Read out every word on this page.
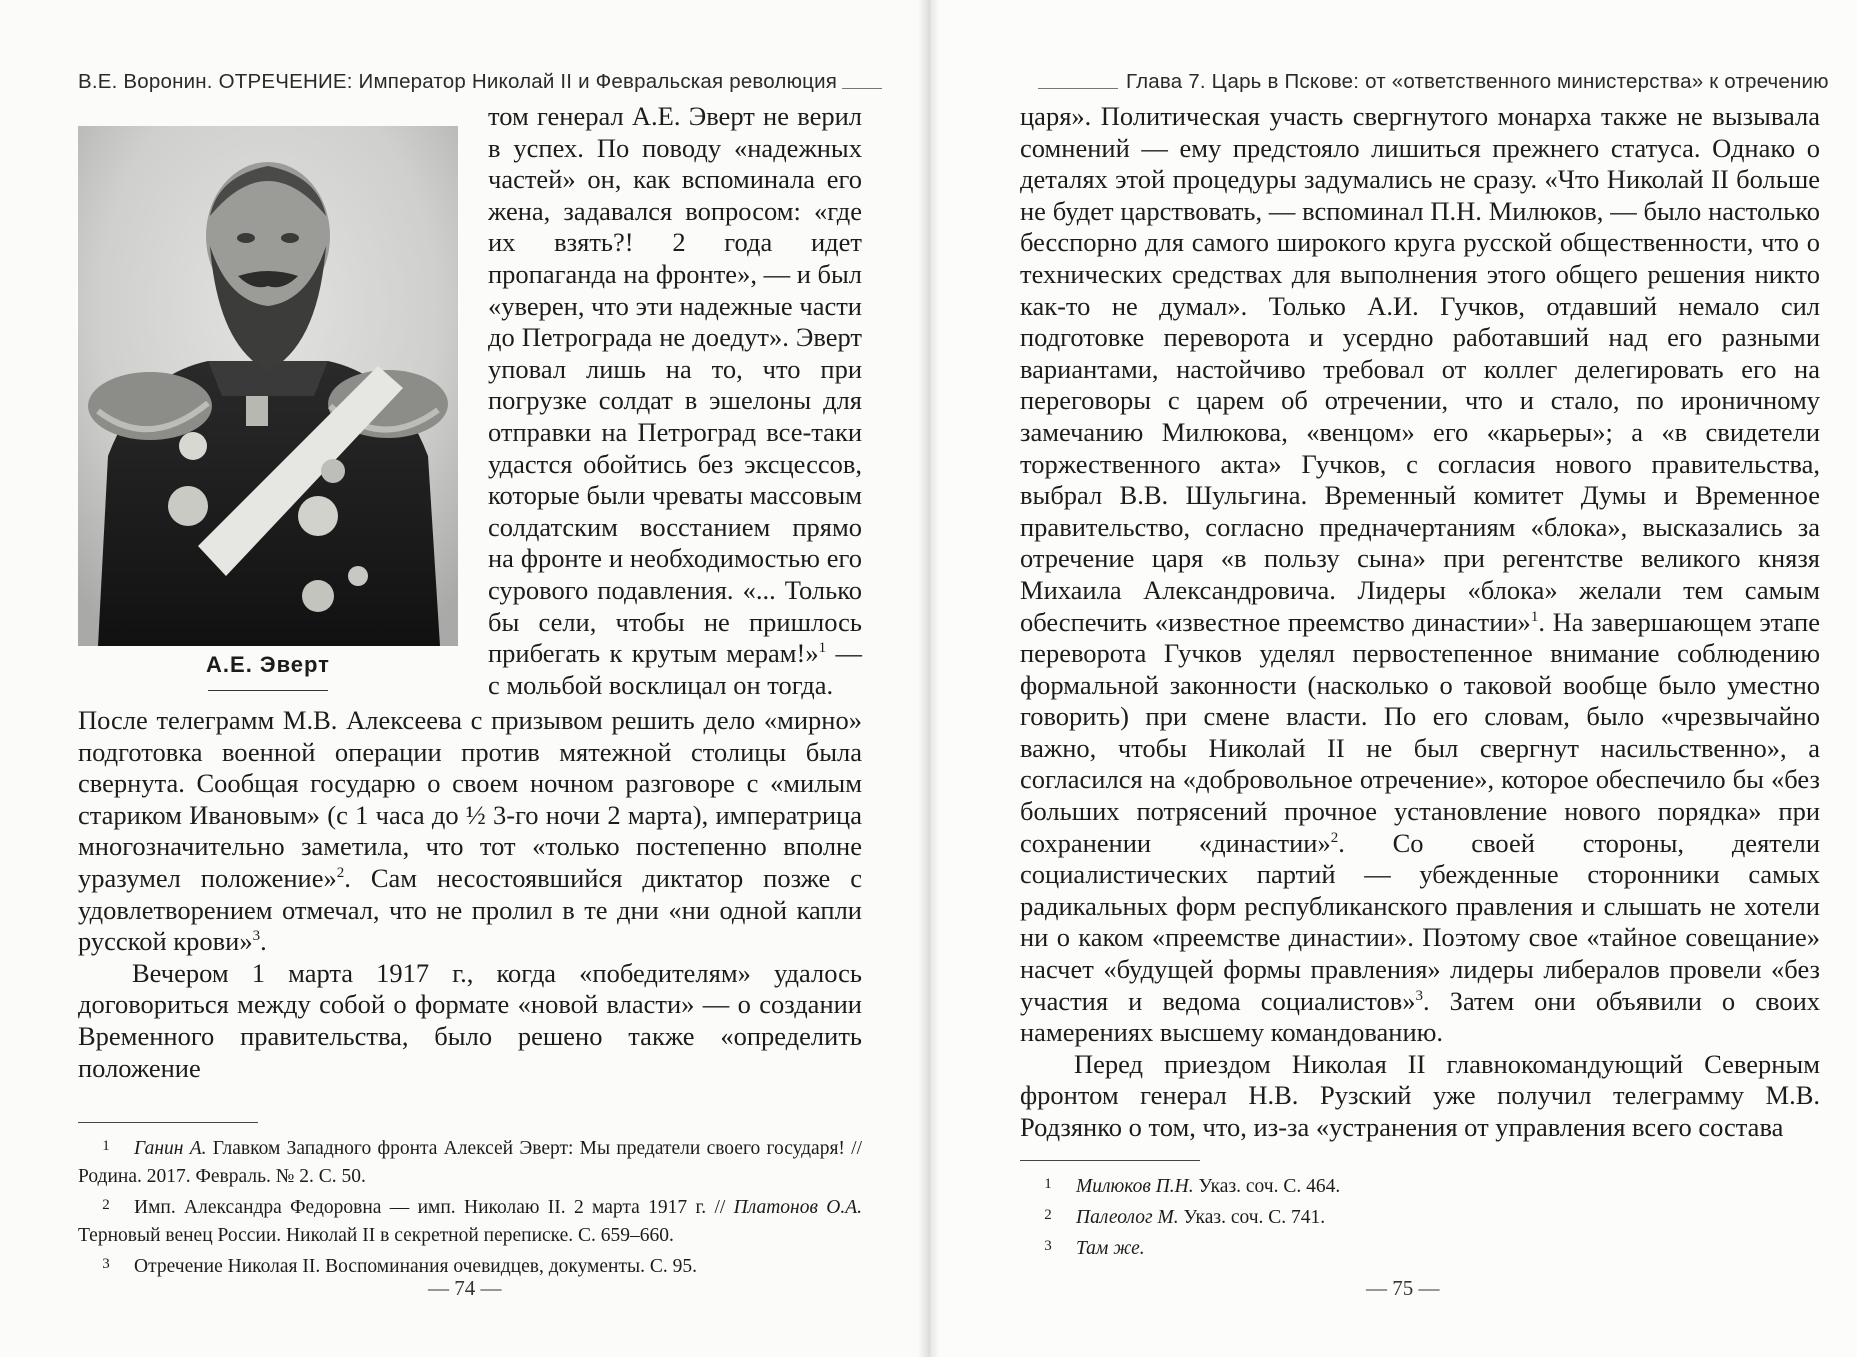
В.Е. Воронин. ОТРЕЧЕНИЕ: Император Николай II и Февральская революция
А.Е. Эверт

том генерал А.Е. Эверт не верил в успех. По поводу «надежных частей» он, как вспоминала его жена, задавался вопросом: «где их взять?! 2 года идет пропаганда на фронте», — и был «уверен, что эти надежные части до Петрограда не доедут». Эверт уповал лишь на то, что при погрузке солдат в эшелоны для отправки на Петроград все-таки удастся обойтись без эксцессов, которые были чреваты массовым солдатским восстанием прямо на фронте и необходимостью его сурового подавления. «... Только бы сели, чтобы не пришлось прибегать к крутым мерам!»$^1$ — с мольбой восклицал он тогда.

После телеграмм М.В. Алексеева с призывом решить дело «мирно» подготовка военной операции против мятежной столицы была свернута. Сообщая государю о своем ночном разговоре с «милым стариком Ивановым» (с 1 часа до ½ 3-го ночи 2 марта), императрица многозначительно заметила, что тот «только постепенно вполне уразумел положение»$^2$. Сам несостоявшийся диктатор позже с удовлетворением отмечал, что не пролил в те дни «ни одной капли русской крови»$^3$.

Вечером 1 марта 1917 г., когда «победителям» удалось договориться между собой о формате «новой власти» — о создании Временного правительства, было решено также «определить положение

1 Ганин А. Главком Западного фронта Алексей Эверт: Мы предатели своего государя! // Родина. 2017. Февраль. № 2. С. 50.

2 Имп. Александра Федоровна — имп. Николаю II. 2 марта 1917 г. // Платонов О.А. Терновый венец России. Николай II в секретной переписке. С. 659–660.

3 Отречение Николая II. Воспоминания очевидцев, документы. С. 95.

— 74 —
Глава 7. Царь в Пскове: от «ответственного министерства» к отречению

царя». Политическая участь свергнутого монарха также не вызывала сомнений — ему предстояло лишиться прежнего статуса. Однако о деталях этой процедуры задумались не сразу. «Что Николай II больше не будет царствовать, — вспоминал П.Н. Милюков, — было настолько бесспорно для самого широкого круга русской общественности, что о технических средствах для выполнения этого общего решения никто как-то не думал». Только А.И. Гучков, отдавший немало сил подготовке переворота и усердно работавший над его разными вариантами, настойчиво требовал от коллег делегировать его на переговоры с царем об отречении, что и стало, по ироничному замечанию Милюкова, «венцом» его «карьеры»; а «в свидетели торжественного акта» Гучков, с согласия нового правительства, выбрал В.В. Шульгина. Временный комитет Думы и Временное правительство, согласно предначертаниям «блока», высказались за отречение царя «в пользу сына» при регентстве великого князя Михаила Александровича. Лидеры «блока» желали тем самым обеспечить «известное преемство династии»$^1$. На завершающем этапе переворота Гучков уделял первостепенное внимание соблюдению формальной законности (насколько о таковой вообще было уместно говорить) при смене власти. По его словам, было «чрезвычайно важно, чтобы Николай II не был свергнут насильственно», а согласился на «добровольное отречение», которое обеспечило бы «без больших потрясений прочное установление нового порядка» при сохранении «династии»$^2$. Со своей стороны, деятели социалистических партий — убежденные сторонники самых радикальных форм республиканского правления и слышать не хотели ни о каком «преемстве династии». Поэтому свое «тайное совещание» насчет «будущей формы правления» лидеры либералов провели «без участия и ведома социалистов»$^3$. Затем они объявили о своих намерениях высшему командованию.

Перед приездом Николая II главнокомандующий Северным фронтом генерал Н.В. Рузский уже получил телеграмму М.В. Родзянко о том, что, из-за «устранения от управления всего состава

1 Милюков П.Н. Указ. соч. С. 464.

2 Палеолог М. Указ. соч. С. 741.

3 Там же.

— 75 —
